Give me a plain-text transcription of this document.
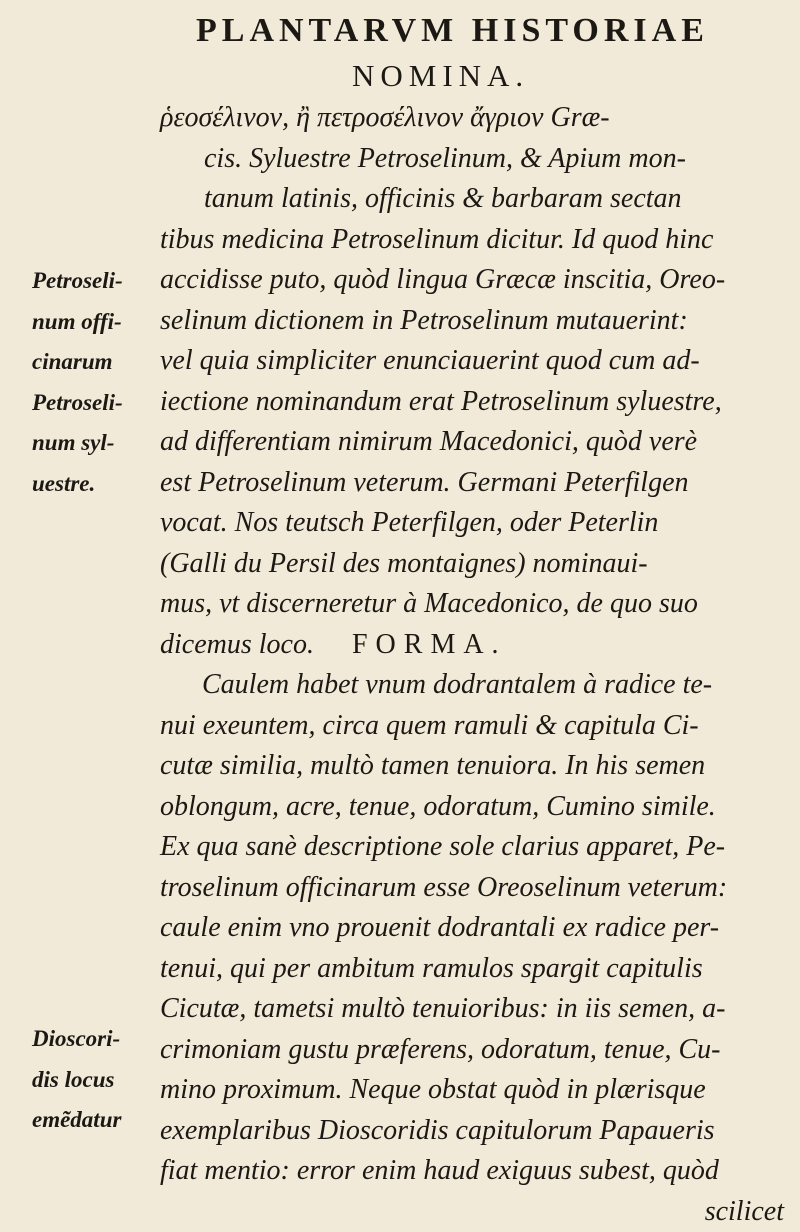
PLANTARVM HISTORIAE
NOMINA.
ῥεοσέλινον, ἢ πετροσέλινον ἄγριον Græ-
cis. Syluestre Petroselinum, & Apium mon-
tanum latinis, officinis & barbaram sectan
tibus medicina Petroselinum dicitur. Id quod hinc
accidisse puto, quòd lingua Græcæ inscitia, Oreo-
selinum dictionem in Petroselinum mutauerint:
vel quia simpliciter enunciauerint quod cum ad-
iectione nominandum erat Petroselinum syluestre,
ad differentiam nimirum Macedonici, quòd verè
est Petroselinum veterum. Germani Peterfilgen
vocat. Nos teutsch Peterfilgen, oder Peterlin
(Galli du Persil des montaignes) nominaui-
mus, vt discerneretur à Macedonico, de quo suo
dicemus loco. FORMA.
Caulem habet vnum dodrantalem à radice te-
nui exeuntem, circa quem ramuli & capitula Ci-
cutæ similia, multò tamen tenuiora. In his semen
oblongum, acre, tenue, odoratum, Cumino simile.
Ex qua sanè descriptione sole clarius apparet, Pe-
troselinum officinarum esse Oreoselinum veterum:
caule enim vno prouenit dodrantali ex radice per-
tenui, qui per ambitum ramulos spargit capitulis
Cicutæ, tametsi multò tenuioribus: in iis semen, a-
crimoniam gustu præferens, odoratum, tenue, Cu-
mino proximum. Neque obstat quòd in plærisque
exemplaribus Dioscoridis capitulorum Papaueris
fiat mentio: error enim haud exiguus subest, quòd
scilicet
Petroseli-
num offi-
cinarum
Petroseli-
num syl-
uestre.
Dioscori-
dis locus
emẽdatur
